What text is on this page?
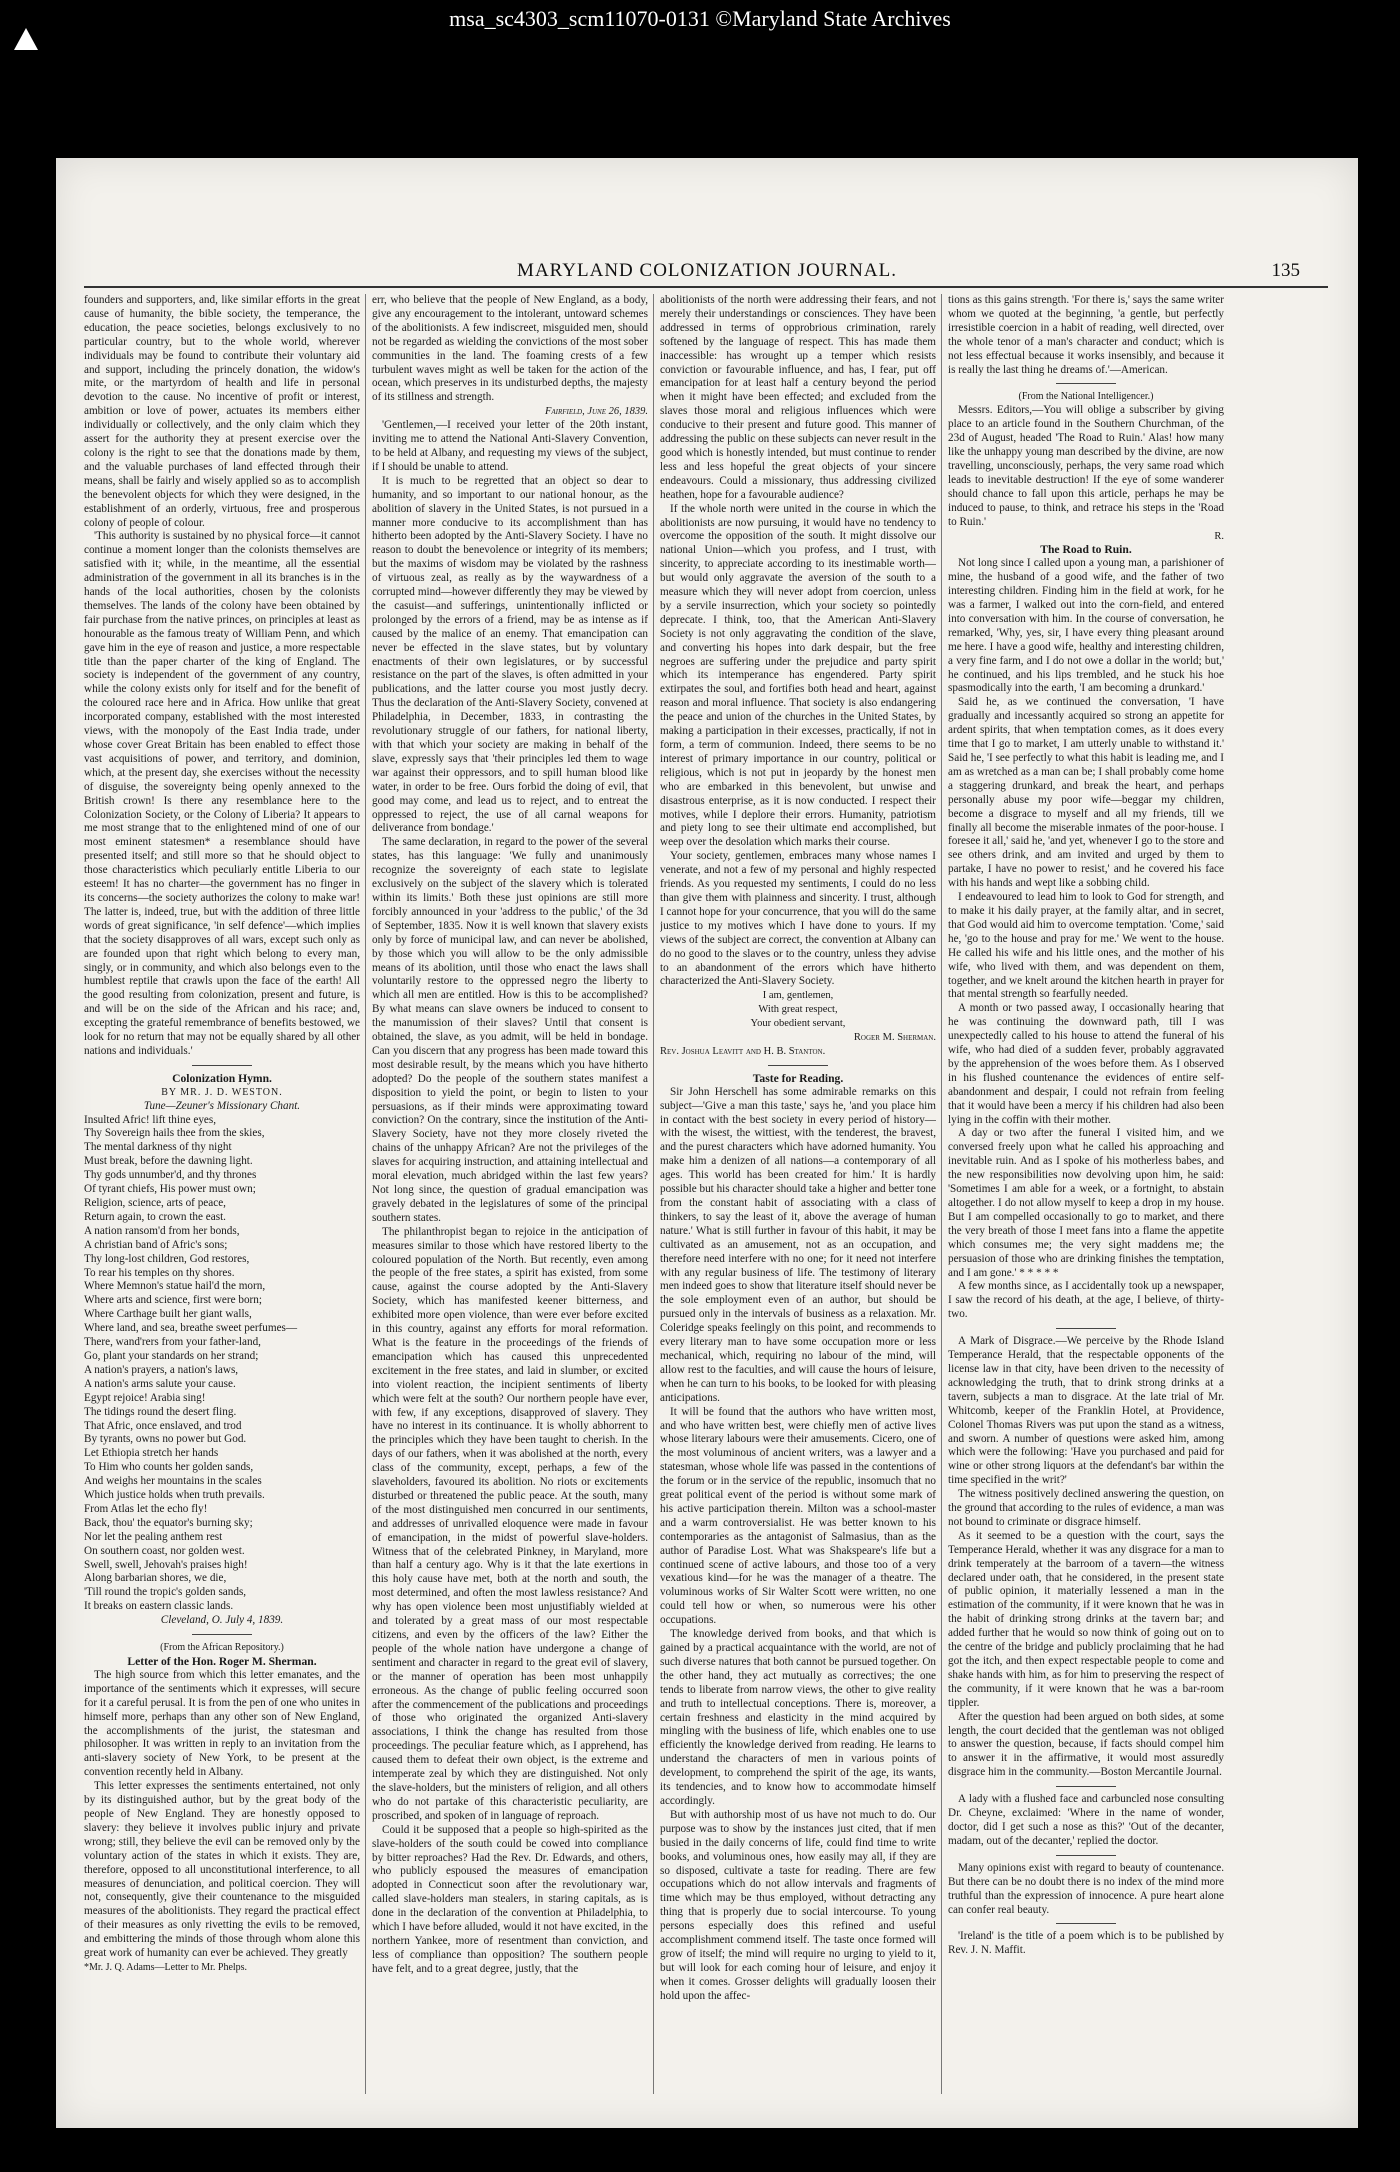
msa_sc4303_scm11070-0131 ©Maryland State Archives
MARYLAND COLONIZATION JOURNAL.	135

founders and supporters, and, like similar efforts in the great cause of humanity, the bible society, the temperance, the education, the peace societies, belongs exclusively to no particular country, but to the whole world, wherever individuals may be found to contribute their voluntary aid and support, including the princely donation, the widow's mite, or the martyrdom of health and life in personal devotion to the cause. No incentive of profit or interest, ambition or love of power, actuates its members either individually or collectively, and the only claim which they assert for the authority they at present exercise over the colony is the right to see that the donations made by them, and the valuable purchases of land effected through their means, shall be fairly and wisely applied so as to accomplish the benevolent objects for which they were designed, in the establishment of an orderly, virtuous, free and prosperous colony of people of colour.

'This authority is sustained by no physical force—it cannot continue a moment longer than the colonists themselves are satisfied with it; while, in the meantime, all the essential administration of the government in all its branches is in the hands of the local authorities, chosen by the colonists themselves. The lands of the colony have been obtained by fair purchase from the native princes, on principles at least as honourable as the famous treaty of William Penn, and which gave him in the eye of reason and justice, a more respectable title than the paper charter of the king of England. The society is independent of the government of any country, while the colony exists only for itself and for the benefit of the coloured race here and in Africa. How unlike that great incorporated company, established with the most interested views, with the monopoly of the East India trade, under whose cover Great Britain has been enabled to effect those vast acquisitions of power, and territory, and dominion, which, at the present day, she exercises without the necessity of disguise, the sovereignty being openly annexed to the British crown! Is there any resemblance here to the Colonization Society, or the Colony of Liberia? It appears to me most strange that to the enlightened mind of one of our most eminent statesmen* a resemblance should have presented itself; and still more so that he should object to those characteristics which peculiarly entitle Liberia to our esteem! It has no charter—the government has no finger in its concerns—the society authorizes the colony to make war! The latter is, indeed, true, but with the addition of three little words of great significance, 'in self defence'—which implies that the society disapproves of all wars, except such only as are founded upon that right which belong to every man, singly, or in community, and which also belongs even to the humblest reptile that crawls upon the face of the earth! All the good resulting from colonization, present and future, is and will be on the side of the African and his race; and, excepting the grateful remembrance of benefits bestowed, we look for no return that may not be equally shared by all other nations and individuals.'

Colonization Hymn.

BY MR. J. D. WESTON.

Tune—Zeuner's Missionary Chant.

Insulted Afric! lift thine eyes,
Thy Sovereign hails thee from the skies,
The mental darkness of thy night
Must break, before the dawning light.

Thy gods unnumber'd, and thy thrones
Of tyrant chiefs, His power must own;
Religion, science, arts of peace,
Return again, to crown the east.

A nation ransom'd from her bonds,
A christian band of Afric's sons;
Thy long-lost children, God restores,
To rear his temples on thy shores.

Where Memnon's statue hail'd the morn,
Where arts and science, first were born;
Where Carthage built her giant walls,
Where land, and sea, breathe sweet perfumes—

There, wand'rers from your father-land,
Go, plant your standards on her strand;
A nation's prayers, a nation's laws,
A nation's arms salute your cause.

Egypt rejoice! Arabia sing!
The tidings round the desert fling.
That Afric, once enslaved, and trod
By tyrants, owns no power but God.

Let Ethiopia stretch her hands
To Him who counts her golden sands,
And weighs her mountains in the scales
Which justice holds when truth prevails.

From Atlas let the echo fly!
Back, thou' the equator's burning sky;
Nor let the pealing anthem rest
On southern coast, nor golden west.

Swell, swell, Jehovah's praises high!
Along barbarian shores, we die,
'Till round the tropic's golden sands,
It breaks on eastern classic lands.

Cleveland, O. July 4, 1839.

(From the African Repository.)

Letter of the Hon. Roger M. Sherman.

The high source from which this letter emanates, and the importance of the sentiments which it expresses, will secure for it a careful perusal. It is from the pen of one who unites in himself more, perhaps than any other son of New England, the accomplishments of the jurist, the statesman and philosopher. It was written in reply to an invitation from the anti-slavery society of New York, to be present at the convention recently held in Albany.

This letter expresses the sentiments entertained, not only by its distinguished author, but by the great body of the people of New England. They are honestly opposed to slavery: they believe it involves public injury and private wrong; still, they believe the evil can be removed only by the voluntary action of the states in which it exists. They are, therefore, opposed to all unconstitutional interference, to all measures of denunciation, and political coercion. They will not, consequently, give their countenance to the misguided measures of the abolitionists. They regard the practical effect of their measures as only rivetting the evils to be removed, and embittering the minds of those through whom alone this great work of humanity can ever be achieved. They greatly

*Mr. J. Q. Adams—Letter to Mr. Phelps.

err, who believe that the people of New England, as a body, give any encouragement to the intolerant, untoward schemes of the abolitionists. A few indiscreet, misguided men, should not be regarded as wielding the convictions of the most sober communities in the land. The foaming crests of a few turbulent waves might as well be taken for the action of the ocean, which preserves in its undisturbed depths, the majesty of its stillness and strength.

Fairfield, June 26, 1839.

'Gentlemen,—I received your letter of the 20th instant, inviting me to attend the National Anti-Slavery Convention, to be held at Albany, and requesting my views of the subject, if I should be unable to attend.

It is much to be regretted that an object so dear to humanity, and so important to our national honour, as the abolition of slavery in the United States, is not pursued in a manner more conducive to its accomplishment than has hitherto been adopted by the Anti-Slavery Society. I have no reason to doubt the benevolence or integrity of its members; but the maxims of wisdom may be violated by the rashness of virtuous zeal, as really as by the waywardness of a corrupted mind—however differently they may be viewed by the casuist—and sufferings, unintentionally inflicted or prolonged by the errors of a friend, may be as intense as if caused by the malice of an enemy. That emancipation can never be effected in the slave states, but by voluntary enactments of their own legislatures, or by successful resistance on the part of the slaves, is often admitted in your publications, and the latter course you most justly decry. Thus the declaration of the Anti-Slavery Society, convened at Philadelphia, in December, 1833, in contrasting the revolutionary struggle of our fathers, for national liberty, with that which your society are making in behalf of the slave, expressly says that 'their principles led them to wage war against their oppressors, and to spill human blood like water, in order to be free. Ours forbid the doing of evil, that good may come, and lead us to reject, and to entreat the oppressed to reject, the use of all carnal weapons for deliverance from bondage.'

The same declaration, in regard to the power of the several states, has this language: 'We fully and unanimously recognize the sovereignty of each state to legislate exclusively on the subject of the slavery which is tolerated within its limits.' Both these just opinions are still more forcibly announced in your 'address to the public,' of the 3d of September, 1835. Now it is well known that slavery exists only by force of municipal law, and can never be abolished, by those which you will allow to be the only admissible means of its abolition, until those who enact the laws shall voluntarily restore to the oppressed negro the liberty to which all men are entitled. How is this to be accomplished? By what means can slave owners be induced to consent to the manumission of their slaves? Until that consent is obtained, the slave, as you admit, will be held in bondage. Can you discern that any progress has been made toward this most desirable result, by the means which you have hitherto adopted? Do the people of the southern states manifest a disposition to yield the point, or begin to listen to your persuasions, as if their minds were approximating toward conviction? On the contrary, since the institution of the Anti-Slavery Society, have not they more closely riveted the chains of the unhappy African? Are not the privileges of the slaves for acquiring instruction, and attaining intellectual and moral elevation, much abridged within the last few years? Not long since, the question of gradual emancipation was gravely debated in the legislatures of some of the principal southern states.

The philanthropist began to rejoice in the anticipation of measures similar to those which have restored liberty to the coloured population of the North. But recently, even among the people of the free states, a spirit has existed, from some cause, against the course adopted by the Anti-Slavery Society, which has manifested keener bitterness, and exhibited more open violence, than were ever before excited in this country, against any efforts for moral reformation. What is the feature in the proceedings of the friends of emancipation which has caused this unprecedented excitement in the free states, and laid in slumber, or excited into violent reaction, the incipient sentiments of liberty which were felt at the south? Our northern people have ever, with few, if any exceptions, disapproved of slavery. They have no interest in its continuance. It is wholly abhorrent to the principles which they have been taught to cherish. In the days of our fathers, when it was abolished at the north, every class of the community, except, perhaps, a few of the slaveholders, favoured its abolition. No riots or excitements disturbed or threatened the public peace. At the south, many of the most distinguished men concurred in our sentiments, and addresses of unrivalled eloquence were made in favour of emancipation, in the midst of powerful slave-holders. Witness that of the celebrated Pinkney, in Maryland, more than half a century ago. Why is it that the late exertions in this holy cause have met, both at the north and south, the most determined, and often the most lawless resistance? And why has open violence been most unjustifiably wielded at and tolerated by a great mass of our most respectable citizens, and even by the officers of the law? Either the people of the whole nation have undergone a change of sentiment and character in regard to the great evil of slavery, or the manner of operation has been most unhappily erroneous. As the change of public feeling occurred soon after the commencement of the publications and proceedings of those who originated the organized Anti-slavery associations, I think the change has resulted from those proceedings. The peculiar feature which, as I apprehend, has caused them to defeat their own object, is the extreme and intemperate zeal by which they are distinguished. Not only the slave-holders, but the ministers of religion, and all others who do not partake of this characteristic peculiarity, are proscribed, and spoken of in language of reproach.

Could it be supposed that a people so high-spirited as the slave-holders of the south could be cowed into compliance by bitter reproaches? Had the Rev. Dr. Edwards, and others, who publicly espoused the measures of emancipation adopted in Connecticut soon after the revolutionary war, called slave-holders man stealers, in staring capitals, as is done in the declaration of the convention at Philadelphia, to which I have before alluded, would it not have excited, in the northern Yankee, more of resentment than conviction, and less of compliance than opposition? The southern people have felt, and to a great degree, justly, that the

abolitionists of the north were addressing their fears, and not merely their understandings or consciences. They have been addressed in terms of opprobrious crimination, rarely softened by the language of respect. This has made them inaccessible: has wrought up a temper which resists conviction or favourable influence, and has, I fear, put off emancipation for at least half a century beyond the period when it might have been effected; and excluded from the slaves those moral and religious influences which were conducive to their present and future good. This manner of addressing the public on these subjects can never result in the good which is honestly intended, but must continue to render less and less hopeful the great objects of your sincere endeavours. Could a missionary, thus addressing civilized heathen, hope for a favourable audience?

If the whole north were united in the course in which the abolitionists are now pursuing, it would have no tendency to overcome the opposition of the south. It might dissolve our national Union—which you profess, and I trust, with sincerity, to appreciate according to its inestimable worth—but would only aggravate the aversion of the south to a measure which they will never adopt from coercion, unless by a servile insurrection, which your society so pointedly deprecate. I think, too, that the American Anti-Slavery Society is not only aggravating the condition of the slave, and converting his hopes into dark despair, but the free negroes are suffering under the prejudice and party spirit which its intemperance has engendered. Party spirit extirpates the soul, and fortifies both head and heart, against reason and moral influence. That society is also endangering the peace and union of the churches in the United States, by making a participation in their excesses, practically, if not in form, a term of communion. Indeed, there seems to be no interest of primary importance in our country, political or religious, which is not put in jeopardy by the honest men who are embarked in this benevolent, but unwise and disastrous enterprise, as it is now conducted. I respect their motives, while I deplore their errors. Humanity, patriotism and piety long to see their ultimate end accomplished, but weep over the desolation which marks their course.

Your society, gentlemen, embraces many whose names I venerate, and not a few of my personal and highly respected friends. As you requested my sentiments, I could do no less than give them with plainness and sincerity. I trust, although I cannot hope for your concurrence, that you will do the same justice to my motives which I have done to yours. If my views of the subject are correct, the convention at Albany can do no good to the slaves or to the country, unless they advise to an abandonment of the errors which have hitherto characterized the Anti-Slavery Society.

I am, gentlemen,

With great respect,

Your obedient servant,

Roger M. Sherman.

Rev. Joshua Leavitt and H. B. Stanton.

Taste for Reading.

Sir John Herschell has some admirable remarks on this subject—'Give a man this taste,' says he, 'and you place him in contact with the best society in every period of history—with the wisest, the wittiest, with the tenderest, the bravest, and the purest characters which have adorned humanity. You make him a denizen of all nations—a contemporary of all ages. This world has been created for him.' It is hardly possible but his character should take a higher and better tone from the constant habit of associating with a class of thinkers, to say the least of it, above the average of human nature.' What is still further in favour of this habit, it may be cultivated as an amusement, not as an occupation, and therefore need interfere with no one; for it need not interfere with any regular business of life. The testimony of literary men indeed goes to show that literature itself should never be the sole employment even of an author, but should be pursued only in the intervals of business as a relaxation. Mr. Coleridge speaks feelingly on this point, and recommends to every literary man to have some occupation more or less mechanical, which, requiring no labour of the mind, will allow rest to the faculties, and will cause the hours of leisure, when he can turn to his books, to be looked for with pleasing anticipations.

It will be found that the authors who have written most, and who have written best, were chiefly men of active lives whose literary labours were their amusements. Cicero, one of the most voluminous of ancient writers, was a lawyer and a statesman, whose whole life was passed in the contentions of the forum or in the service of the republic, insomuch that no great political event of the period is without some mark of his active participation therein. Milton was a school-master and a warm controversialist. He was better known to his contemporaries as the antagonist of Salmasius, than as the author of Paradise Lost. What was Shakspeare's life but a continued scene of active labours, and those too of a very vexatious kind—for he was the manager of a theatre. The voluminous works of Sir Walter Scott were written, no one could tell how or when, so numerous were his other occupations.

The knowledge derived from books, and that which is gained by a practical acquaintance with the world, are not of such diverse natures that both cannot be pursued together. On the other hand, they act mutually as correctives; the one tends to liberate from narrow views, the other to give reality and truth to intellectual conceptions. There is, moreover, a certain freshness and elasticity in the mind acquired by mingling with the business of life, which enables one to use efficiently the knowledge derived from reading. He learns to understand the characters of men in various points of development, to comprehend the spirit of the age, its wants, its tendencies, and to know how to accommodate himself accordingly.

But with authorship most of us have not much to do. Our purpose was to show by the instances just cited, that if men busied in the daily concerns of life, could find time to write books, and voluminous ones, how easily may all, if they are so disposed, cultivate a taste for reading. There are few occupations which do not allow intervals and fragments of time which may be thus employed, without detracting any thing that is properly due to social intercourse. To young persons especially does this refined and useful accomplishment commend itself. The taste once formed will grow of itself; the mind will require no urging to yield to it, but will look for each coming hour of leisure, and enjoy it when it comes. Grosser delights will gradually loosen their hold upon the affec-

tions as this gains strength. 'For there is,' says the same writer whom we quoted at the beginning, 'a gentle, but perfectly irresistible coercion in a habit of reading, well directed, over the whole tenor of a man's character and conduct; which is not less effectual because it works insensibly, and because it is really the last thing he dreams of.'—American.

(From the National Intelligencer.)

Messrs. Editors,—You will oblige a subscriber by giving place to an article found in the Southern Churchman, of the 23d of August, headed 'The Road to Ruin.' Alas! how many like the unhappy young man described by the divine, are now travelling, unconsciously, perhaps, the very same road which leads to inevitable destruction! If the eye of some wanderer should chance to fall upon this article, perhaps he may be induced to pause, to think, and retrace his steps in the 'Road to Ruin.'

R.

The Road to Ruin.

Not long since I called upon a young man, a parishioner of mine, the husband of a good wife, and the father of two interesting children. Finding him in the field at work, for he was a farmer, I walked out into the corn-field, and entered into conversation with him. In the course of conversation, he remarked, 'Why, yes, sir, I have every thing pleasant around me here. I have a good wife, healthy and interesting children, a very fine farm, and I do not owe a dollar in the world; but,' he continued, and his lips trembled, and he stuck his hoe spasmodically into the earth, 'I am becoming a drunkard.'

Said he, as we continued the conversation, 'I have gradually and incessantly acquired so strong an appetite for ardent spirits, that when temptation comes, as it does every time that I go to market, I am utterly unable to withstand it.' Said he, 'I see perfectly to what this habit is leading me, and I am as wretched as a man can be; I shall probably come home a staggering drunkard, and break the heart, and perhaps personally abuse my poor wife—beggar my children, become a disgrace to myself and all my friends, till we finally all become the miserable inmates of the poor-house. I foresee it all,' said he, 'and yet, whenever I go to the store and see others drink, and am invited and urged by them to partake, I have no power to resist,' and he covered his face with his hands and wept like a sobbing child.

I endeavoured to lead him to look to God for strength, and to make it his daily prayer, at the family altar, and in secret, that God would aid him to overcome temptation. 'Come,' said he, 'go to the house and pray for me.' We went to the house. He called his wife and his little ones, and the mother of his wife, who lived with them, and was dependent on them, together, and we knelt around the kitchen hearth in prayer for that mental strength so fearfully needed.

A month or two passed away, I occasionally hearing that he was continuing the downward path, till I was unexpectedly called to his house to attend the funeral of his wife, who had died of a sudden fever, probably aggravated by the apprehension of the woes before them. As I observed in his flushed countenance the evidences of entire self-abandonment and despair, I could not refrain from feeling that it would have been a mercy if his children had also been lying in the coffin with their mother.

A day or two after the funeral I visited him, and we conversed freely upon what he called his approaching and inevitable ruin. And as I spoke of his motherless babes, and the new responsibilities now devolving upon him, he said: 'Sometimes I am able for a week, or a fortnight, to abstain altogether. I do not allow myself to keep a drop in my house. But I am compelled occasionally to go to market, and there the very breath of those I meet fans into a flame the appetite which consumes me; the very sight maddens me; the persuasion of those who are drinking finishes the temptation, and I am gone.' * * * * *

A few months since, as I accidentally took up a newspaper, I saw the record of his death, at the age, I believe, of thirty-two.

A Mark of Disgrace.—We perceive by the Rhode Island Temperance Herald, that the respectable opponents of the license law in that city, have been driven to the necessity of acknowledging the truth, that to drink strong drinks at a tavern, subjects a man to disgrace. At the late trial of Mr. Whitcomb, keeper of the Franklin Hotel, at Providence, Colonel Thomas Rivers was put upon the stand as a witness, and sworn. A number of questions were asked him, among which were the following: 'Have you purchased and paid for wine or other strong liquors at the defendant's bar within the time specified in the writ?'

The witness positively declined answering the question, on the ground that according to the rules of evidence, a man was not bound to criminate or disgrace himself.

As it seemed to be a question with the court, says the Temperance Herald, whether it was any disgrace for a man to drink temperately at the barroom of a tavern—the witness declared under oath, that he considered, in the present state of public opinion, it materially lessened a man in the estimation of the community, if it were known that he was in the habit of drinking strong drinks at the tavern bar; and added further that he would so now think of going out on to the centre of the bridge and publicly proclaiming that he had got the itch, and then expect respectable people to come and shake hands with him, as for him to preserving the respect of the community, if it were known that he was a bar-room tippler.

After the question had been argued on both sides, at some length, the court decided that the gentleman was not obliged to answer the question, because, if facts should compel him to answer it in the affirmative, it would most assuredly disgrace him in the community.—Boston Mercantile Journal.

A lady with a flushed face and carbuncled nose consulting Dr. Cheyne, exclaimed: 'Where in the name of wonder, doctor, did I get such a nose as this?' 'Out of the decanter, madam, out of the decanter,' replied the doctor.

Many opinions exist with regard to beauty of countenance. But there can be no doubt there is no index of the mind more truthful than the expression of innocence. A pure heart alone can confer real beauty.

'Ireland' is the title of a poem which is to be published by Rev. J. N. Maffit.
